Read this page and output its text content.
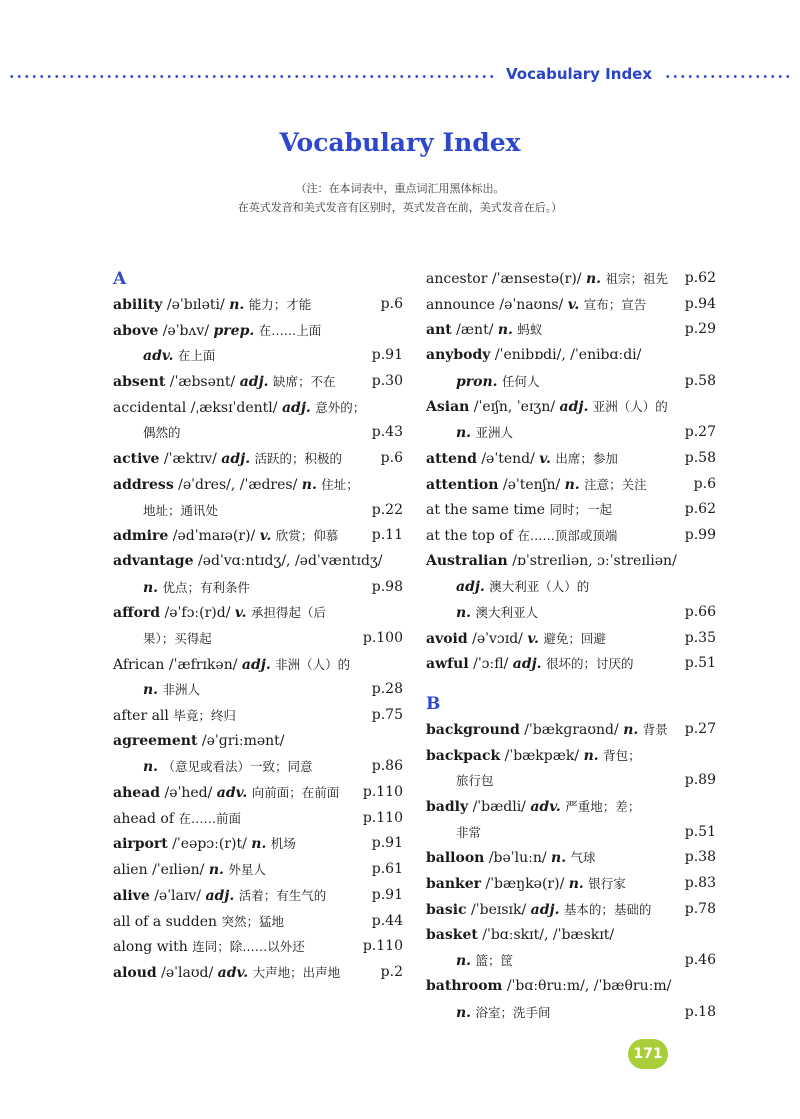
Vocabulary Index
Vocabulary Index
（注：在本词表中，重点词汇用黑体标出。
在英式发音和美式发音有区别时，英式发音在前，美式发音在后。）
A
ability /əˈbɪləti/ n. 能力；才能	p.6
above /əˈbʌv/ prep. 在……上面
adv. 在上面	p.91
absent /ˈæbsənt/ adj. 缺席；不在	p.30
accidental /ˌæksɪˈdentl/ adj. 意外的；
偶然的	p.43
active /ˈæktɪv/ adj. 活跃的；积极的	p.6
address /əˈdres/, /ˈædres/ n. 住址；
地址；通讯处	p.22
admire /ədˈmaɪə(r)/ v. 欣赏；仰慕 p.11
advantage /ədˈvɑːntɪdʒ/, /ədˈvæntɪdʒ/
n. 优点；有利条件	p.98
afford /əˈfɔː(r)d/ v. 承担得起（后
果）；买得起	p.100
African /ˈæfrɪkən/ adj. 非洲（人）的
n. 非洲人	p.28
after all 毕竟；终归	p.75
agreement /əˈɡriːmənt/
n. （意见或看法）一致；同意	p.86
ahead /əˈhed/ adv. 向前面；在前面 p.110
ahead of 在……前面	p.110
airport /ˈeəpɔː(r)t/ n. 机场	p.91
alien /ˈeɪliən/ n. 外星人	p.61
alive /əˈlaɪv/ adj. 活着；有生气的	p.91
all of a sudden 突然；猛地	p.44
along with 连同；除……以外还	p.110
aloud /əˈlaʊd/ adv. 大声地；出声地	p.2
ancestor /ˈænsestə(r)/ n. 祖宗；祖先 p.62
announce /əˈnaʊns/ v. 宣布；宣告	p.94
ant /ænt/ n. 蚂蚁	p.29
anybody /ˈenibɒdi/, /ˈenibɑːdi/
pron. 任何人	p.58
Asian /ˈeɪʃn, ˈeɪʒn/ adj. 亚洲（人）的
n. 亚洲人	p.27
attend /əˈtend/ v. 出席；参加	p.58
attention /əˈtenʃn/ n. 注意；关注	p.6
at the same time 同时；一起	p.62
at the top of 在……顶部或顶端	p.99
Australian /ɒˈstreɪliən, ɔːˈstreɪliən/
adj. 澳大利亚（人）的
n. 澳大利亚人	p.66
avoid /əˈvɔɪd/ v. 避免；回避	p.35
awful /ˈɔːfl/ adj. 很坏的；讨厌的	p.51
B
background /ˈbækɡraʊnd/ n. 背景 p.27
backpack /ˈbækpæk/ n. 背包；
旅行包	p.89
badly /ˈbædli/ adv. 严重地；差；
非常	p.51
balloon /bəˈluːn/ n. 气球	p.38
banker /ˈbæŋkə(r)/ n. 银行家	p.83
basic /ˈbeɪsɪk/ adj. 基本的；基础的 p.78
basket /ˈbɑːskɪt/, /ˈbæskɪt/
n. 篮；筐	p.46
bathroom /ˈbɑːθruːm/, /ˈbæθruːm/
n. 浴室；洗手间	p.18
171
